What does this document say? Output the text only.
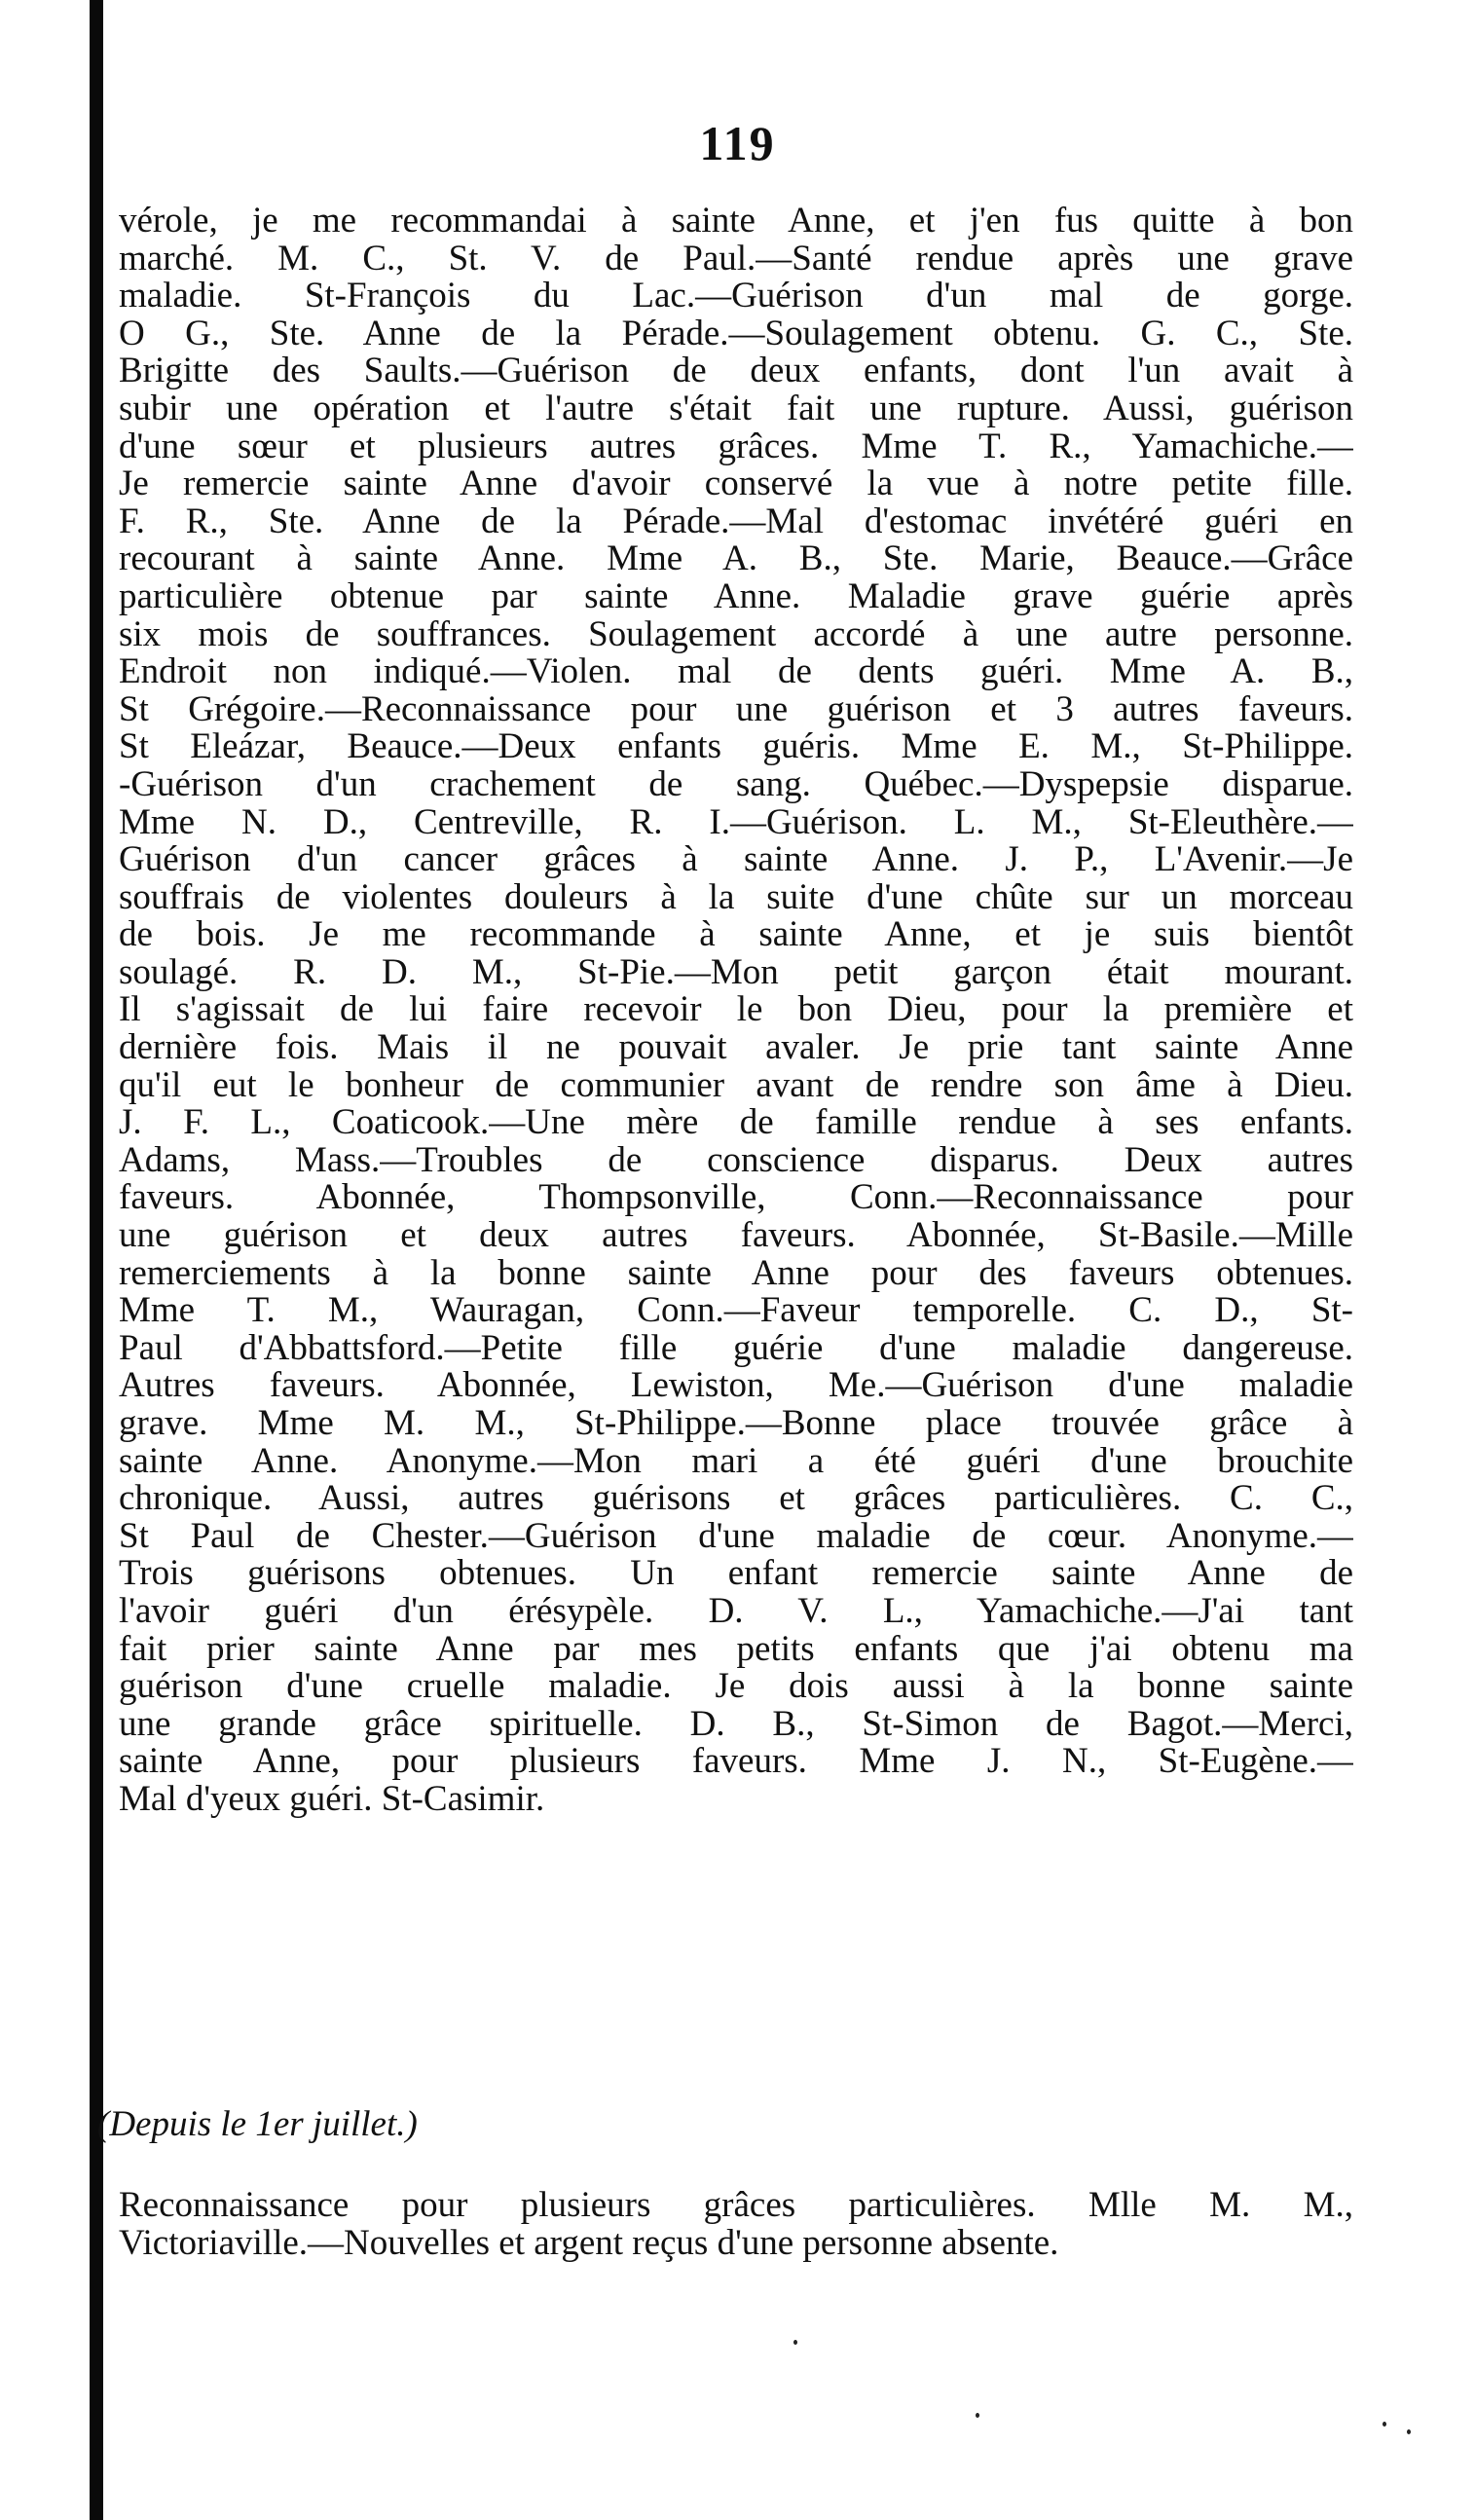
119
vérole, je me recommandai à sainte Anne, et j'en fus quitte à bon
marché. M. C., St. V. de Paul.—Santé rendue après une grave
maladie. St-François du Lac.—Guérison d'un mal de gorge.
O G., Ste. Anne de la Pérade.—Soulagement obtenu. G. C., Ste.
Brigitte des Saults.—Guérison de deux enfants, dont l'un avait à
subir une opération et l'autre s'était fait une rupture. Aussi, guérison
d'une sœur et plusieurs autres grâces. Mme T. R., Yamachiche.—
Je remercie sainte Anne d'avoir conservé la vue à notre petite fille.
F. R., Ste. Anne de la Pérade.—Mal d'estomac invétéré guéri en
recourant à sainte Anne. Mme A. B., Ste. Marie, Beauce.—Grâce
particulière obtenue par sainte Anne. Maladie grave guérie après
six mois de souffrances. Soulagement accordé à une autre personne.
Endroit non indiqué.—Violen. mal de dents guéri. Mme A. B.,
St Grégoire.—Reconnaissance pour une guérison et 3 autres faveurs.
St Eleázar, Beauce.—Deux enfants guéris. Mme E. M., St-Philippe.
-Guérison d'un crachement de sang. Québec.—Dyspepsie disparue.
Mme N. D., Centreville, R. I.—Guérison. L. M., St-Eleuthère.—
Guérison d'un cancer grâces à sainte Anne. J. P., L'Avenir.—Je
souffrais de violentes douleurs à la suite d'une chûte sur un morceau
de bois. Je me recommande à sainte Anne, et je suis bientôt
soulagé. R. D. M., St-Pie.—Mon petit garçon était mourant.
Il s'agissait de lui faire recevoir le bon Dieu, pour la première et
dernière fois. Mais il ne pouvait avaler. Je prie tant sainte Anne
qu'il eut le bonheur de communier avant de rendre son âme à Dieu.
J. F. L., Coaticook.—Une mère de famille rendue à ses enfants.
Adams, Mass.—Troubles de conscience disparus. Deux autres
faveurs. Abonnée, Thompsonville, Conn.—Reconnaissance pour
une guérison et deux autres faveurs. Abonnée, St-Basile.—Mille
remerciements à la bonne sainte Anne pour des faveurs obtenues.
Mme T. M., Wauragan, Conn.—Faveur temporelle. C. D., St-
Paul d'Abbattsford.—Petite fille guérie d'une maladie dangereuse.
Autres faveurs. Abonnée, Lewiston, Me.—Guérison d'une maladie
grave. Mme M. M., St-Philippe.—Bonne place trouvée grâce à
sainte Anne. Anonyme.—Mon mari a été guéri d'une brouchite
chronique. Aussi, autres guérisons et grâces particulières. C. C.,
St Paul de Chester.—Guérison d'une maladie de cœur. Anonyme.—
Trois guérisons obtenues. Un enfant remercie sainte Anne de
l'avoir guéri d'un érésypèle. D. V. L., Yamachiche.—J'ai tant
fait prier sainte Anne par mes petits enfants que j'ai obtenu ma
guérison d'une cruelle maladie. Je dois aussi à la bonne sainte
une grande grâce spirituelle. D. B., St-Simon de Bagot.—Merci,
sainte Anne, pour plusieurs faveurs. Mme J. N., St-Eugène.—
Mal d'yeux guéri. St-Casimir.
(Depuis le 1er juillet.)
Reconnaissance pour plusieurs grâces particulières. Mlle M. M.,
Victoriaville.—Nouvelles et argent reçus d'une personne absente.
